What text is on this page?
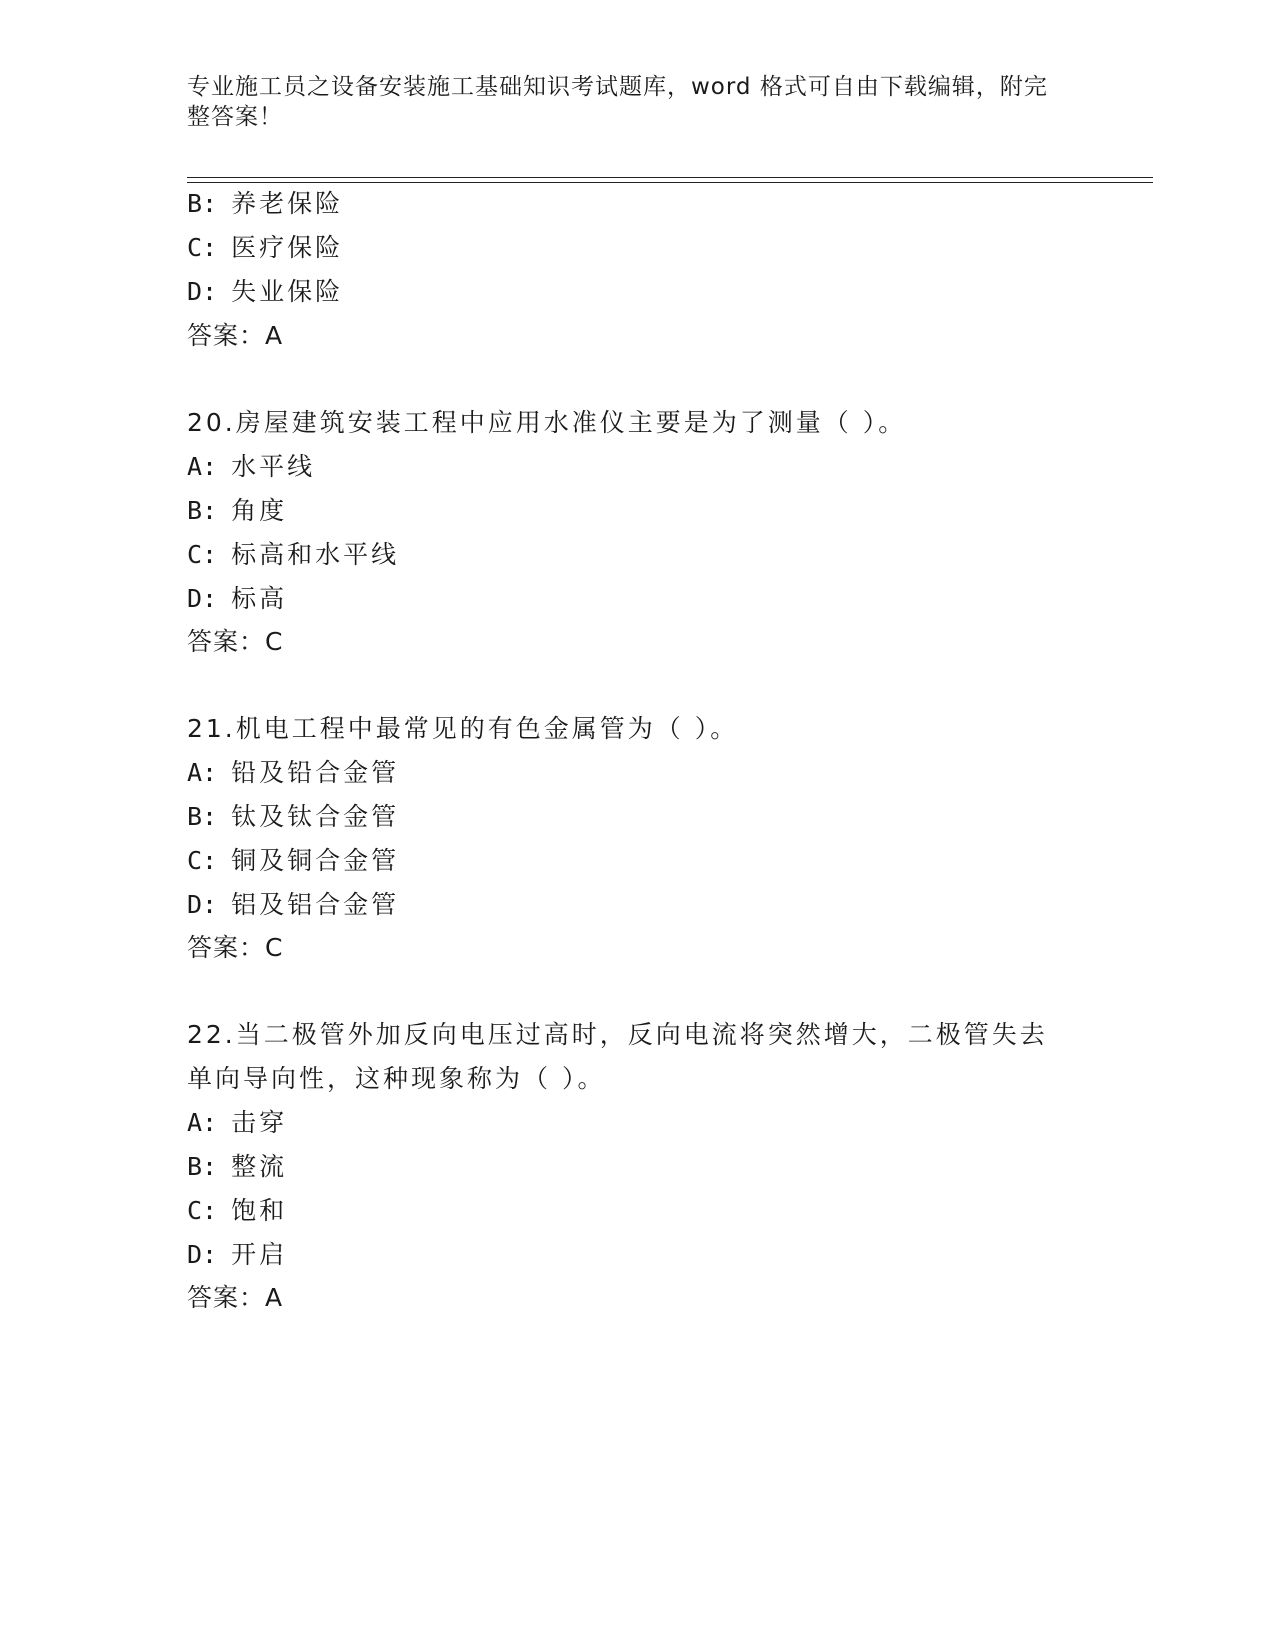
专业施工员之设备安装施工基础知识考试题库，word 格式可自由下载编辑，附完
整答案！
B: 养老保险
C: 医疗保险
D: 失业保险
答案：A
20.房屋建筑安装工程中应用水准仪主要是为了测量（ ）。
A: 水平线
B: 角度
C: 标高和水平线
D: 标高
答案：C
21.机电工程中最常见的有色金属管为（ ）。
A: 铅及铅合金管
B: 钛及钛合金管
C: 铜及铜合金管
D: 铝及铝合金管
答案：C
22.当二极管外加反向电压过高时，反向电流将突然增大，二极管失去
单向导向性，这种现象称为（ ）。
A: 击穿
B: 整流
C: 饱和
D: 开启
答案：A
